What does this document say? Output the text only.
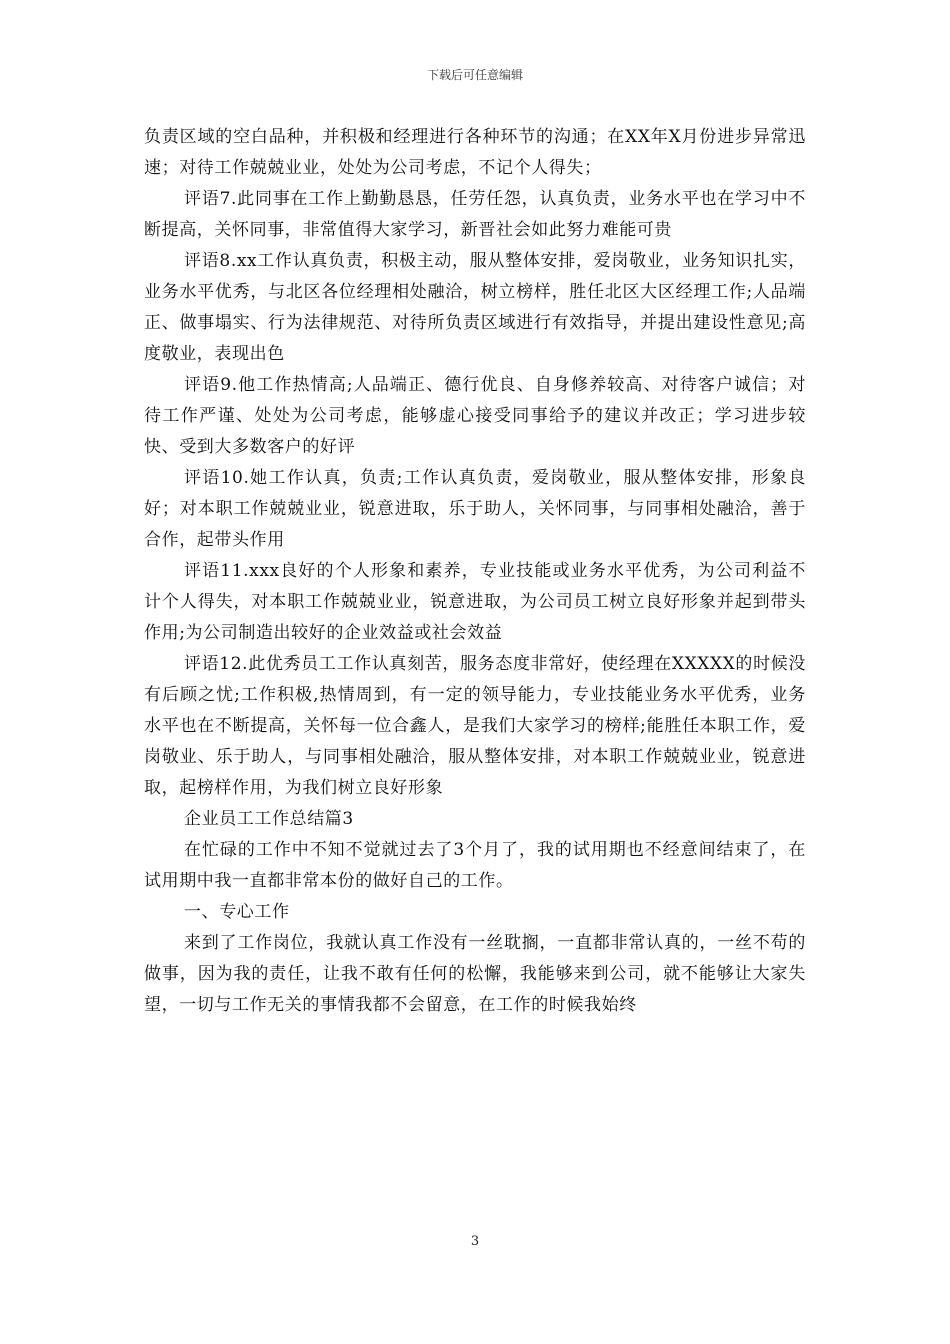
下载后可任意编辑

负责区域的空白品种，并积极和经理进行各种环节的沟通；在XX年X月份进步异常迅速；对待工作兢兢业业，处处为公司考虑，不记个人得失；

评语7.此同事在工作上勤勤恳恳，任劳任怨，认真负责，业务水平也在学习中不断提高，关怀同事，非常值得大家学习，新晋社会如此努力难能可贵

评语8.xx工作认真负责，积极主动，服从整体安排，爱岗敬业，业务知识扎实，业务水平优秀，与北区各位经理相处融洽，树立榜样，胜任北区大区经理工作;人品端正、做事塌实、行为法律规范、对待所负责区域进行有效指导，并提出建设性意见;高度敬业，表现出色

评语9.他工作热情高;人品端正、德行优良、自身修养较高、对待客户诚信；对待工作严谨、处处为公司考虑，能够虚心接受同事给予的建议并改正；学习进步较快、受到大多数客户的好评

评语10.她工作认真，负责;工作认真负责，爱岗敬业，服从整体安排，形象良好；对本职工作兢兢业业，锐意进取，乐于助人，关怀同事，与同事相处融洽，善于合作，起带头作用

评语11.xxx良好的个人形象和素养，专业技能或业务水平优秀，为公司利益不计个人得失，对本职工作兢兢业业，锐意进取，为公司员工树立良好形象并起到带头作用;为公司制造出较好的企业效益或社会效益

评语12.此优秀员工工作认真刻苦，服务态度非常好，使经理在XXXXX的时候没有后顾之忧;工作积极,热情周到，有一定的领导能力，专业技能业务水平优秀，业务水平也在不断提高，关怀每一位合鑫人，是我们大家学习的榜样;能胜任本职工作，爱岗敬业、乐于助人，与同事相处融洽，服从整体安排，对本职工作兢兢业业，锐意进取，起榜样作用，为我们树立良好形象

企业员工工作总结篇3

在忙碌的工作中不知不觉就过去了3个月了，我的试用期也不经意间结束了，在试用期中我一直都非常本份的做好自己的工作。

一、专心工作

来到了工作岗位，我就认真工作没有一丝耽搁，一直都非常认真的，一丝不苟的做事，因为我的责任，让我不敢有任何的松懈，我能够来到公司，就不能够让大家失望，一切与工作无关的事情我都不会留意，在工作的时候我始终

3
